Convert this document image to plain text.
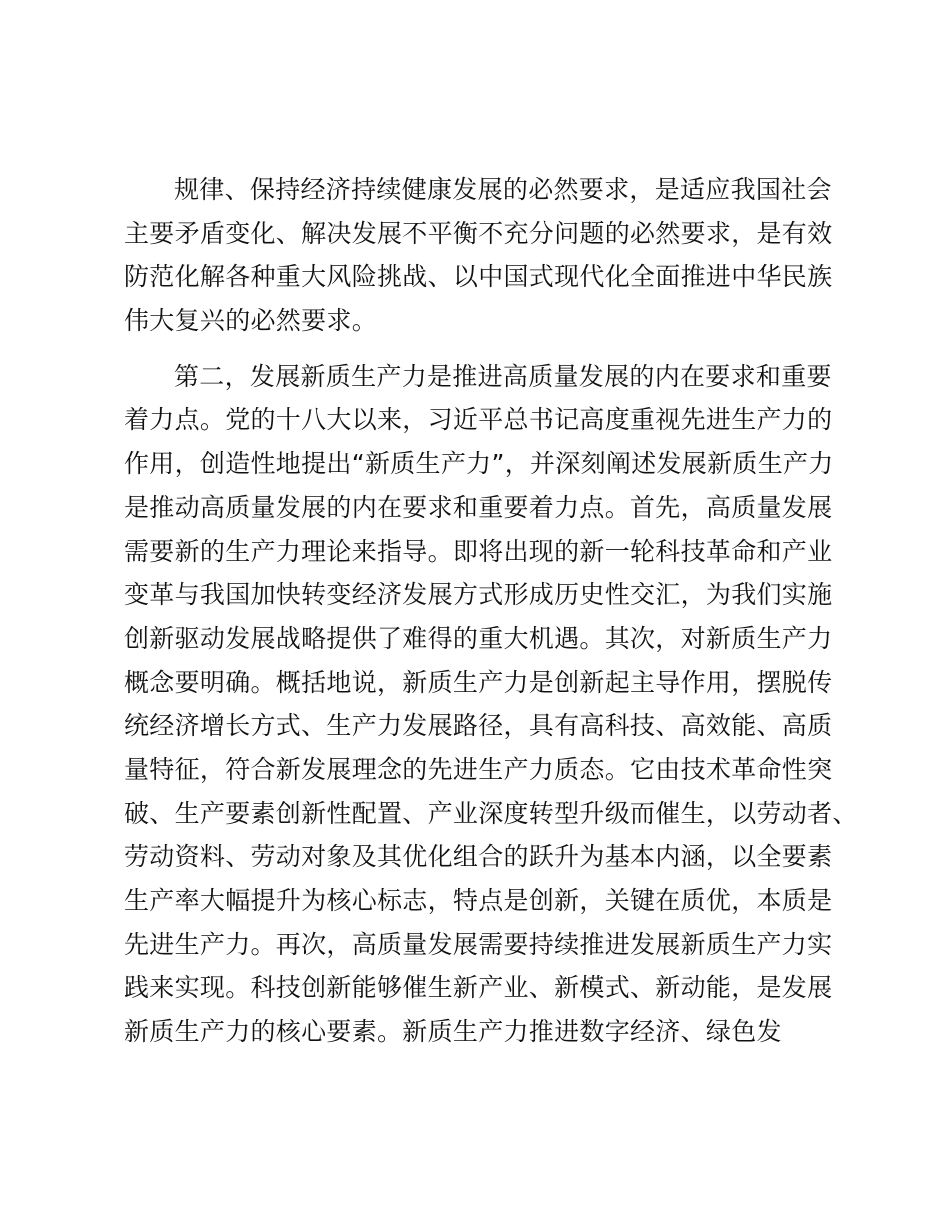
规律、保持经济持续健康发展的必然要求，是适应我国社会
主要矛盾变化、解决发展不平衡不充分问题的必然要求，是有效
防范化解各种重大风险挑战、以中国式现代化全面推进中华民族
伟大复兴的必然要求。
第二，发展新质生产力是推进高质量发展的内在要求和重要
着力点。党的十八大以来，习近平总书记高度重视先进生产力的
作用，创造性地提出“新质生产力”，并深刻阐述发展新质生产力
是推动高质量发展的内在要求和重要着力点。首先，高质量发展
需要新的生产力理论来指导。即将出现的新一轮科技革命和产业
变革与我国加快转变经济发展方式形成历史性交汇，为我们实施
创新驱动发展战略提供了难得的重大机遇。其次，对新质生产力
概念要明确。概括地说，新质生产力是创新起主导作用，摆脱传
统经济增长方式、生产力发展路径，具有高科技、高效能、高质
量特征，符合新发展理念的先进生产力质态。它由技术革命性突
破、生产要素创新性配置、产业深度转型升级而催生，以劳动者、
劳动资料、劳动对象及其优化组合的跃升为基本内涵，以全要素
生产率大幅提升为核心标志，特点是创新，关键在质优，本质是
先进生产力。再次，高质量发展需要持续推进发展新质生产力实
践来实现。科技创新能够催生新产业、新模式、新动能，是发展
新质生产力的核心要素。新质生产力推进数字经济、绿色发
